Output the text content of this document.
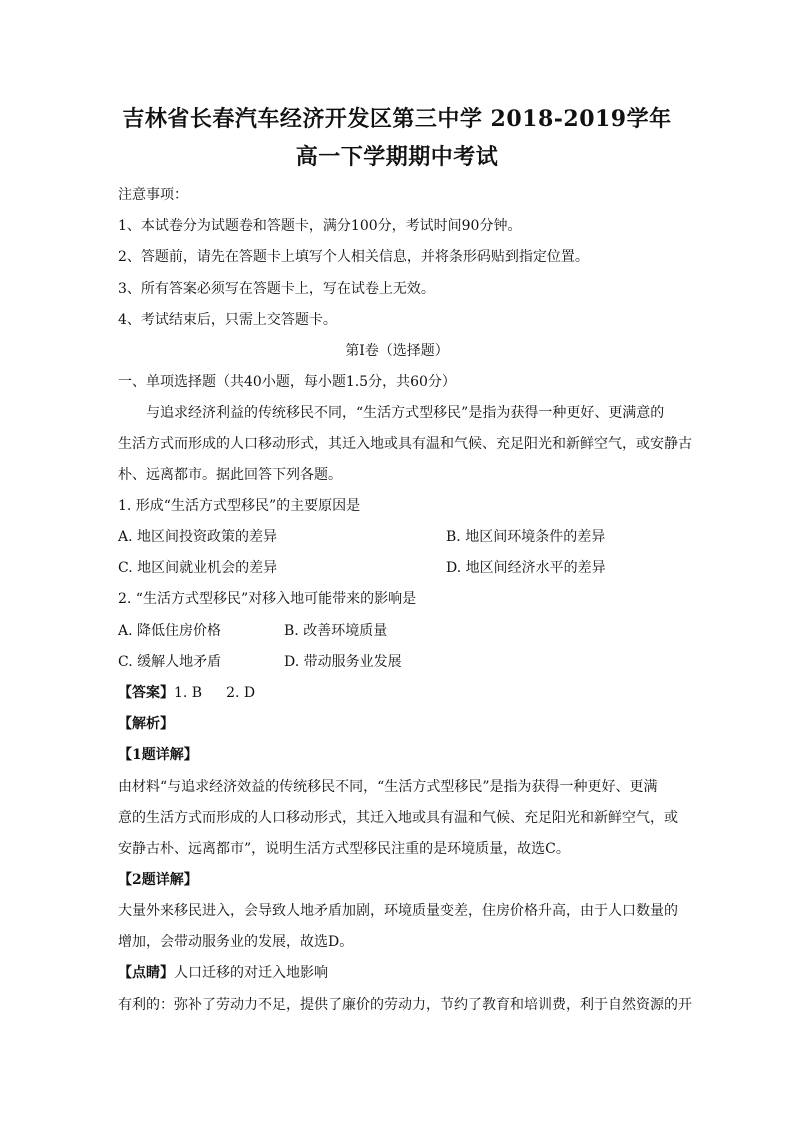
吉林省长春汽车经济开发区第三中学 2018-2019学年
高一下学期期中考试

注意事项：

1、本试卷分为试题卷和答题卡，满分100分，考试时间90分钟。

2、答题前，请先在答题卡上填写个人相关信息，并将条形码贴到指定位置。

3、所有答案必须写在答题卡上，写在试卷上无效。

4、考试结束后，只需上交答题卡。

第Ⅰ卷（选择题）

一、单项选择题（共40小题，每小题1.5分，共60分）

与追求经济利益的传统移民不同，“生活方式型移民”是指为获得一种更好、更满意的

生活方式而形成的人口移动形式，其迁入地或具有温和气候、充足阳光和新鲜空气，或安静古

朴、远离都市。据此回答下列各题。

1. 形成“生活方式型移民”的主要原因是

A. 地区间投资政策的差异	B. 地区间环境条件的差异
C. 地区间就业机会的差异	D. 地区间经济水平的差异

2. “生活方式型移民”对移入地可能带来的影响是

A. 降低住房价格	B. 改善环境质量
C. 缓解人地矛盾	D. 带动服务业发展

【答案】1. B 2. D

【解析】

【1题详解】

由材料“与追求经济效益的传统移民不同，“生活方式型移民”是指为获得一种更好、更满

意的生活方式而形成的人口移动形式，其迁入地或具有温和气候、充足阳光和新鲜空气，或

安静古朴、远离都市”，说明生活方式型移民注重的是环境质量，故选C。

【2题详解】

大量外来移民进入，会导致人地矛盾加剧，环境质量变差，住房价格升高，由于人口数量的

增加，会带动服务业的发展，故选D。

【点睛】人口迁移的对迁入地影响

有利的：弥补了劳动力不足，提供了廉价的劳动力，节约了教育和培训费，利于自然资源的开
